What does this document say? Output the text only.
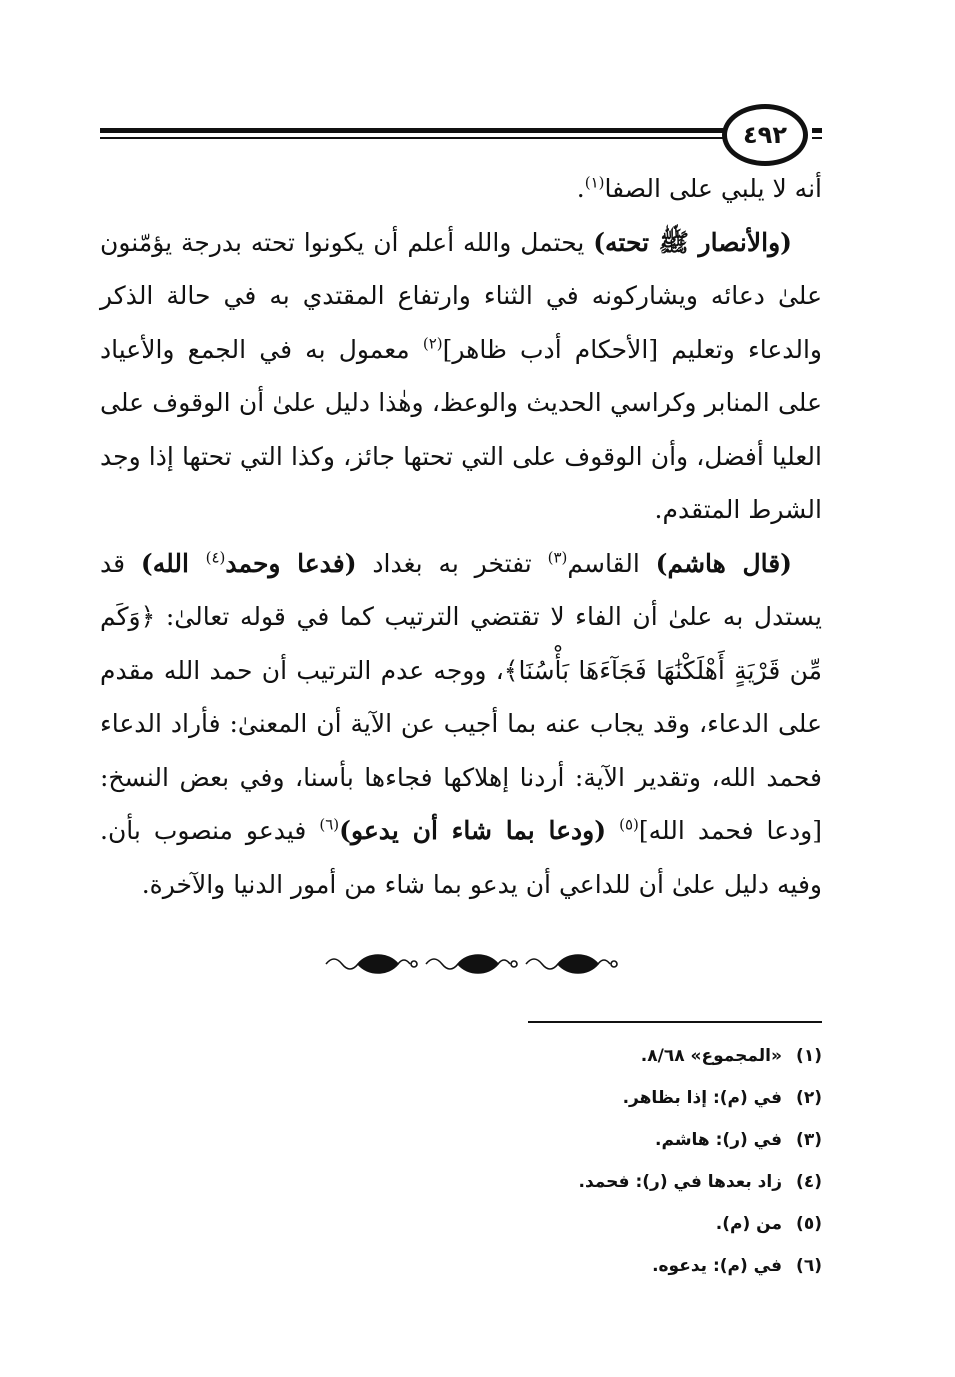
٤٩٢

أنه لا يلبي على الصفا$^{(١)}$.

(والأنصار ﷺ تحته) يحتمل والله أعلم أن يكونوا تحته بدرجة يؤمّنون علىٰ دعائه ويشاركونه في الثناء وارتفاع المقتدي به في حالة الذكر والدعاء وتعليم [الأحكام أدب ظاهر]$^{(٢)}$ معمول به في الجمع والأعياد على المنابر وكراسي الحديث والوعظ، وهٰذا دليل علىٰ أن الوقوف على العليا أفضل، وأن الوقوف على التي تحتها جائز، وكذا التي تحتها إذا وجد الشرط المتقدم.

(قال هاشم) القاسم$^{(٣)}$ تفتخر به بغداد (فدعا وحمد$^{(٤)}$ الله) قد يستدل به علىٰ أن الفاء لا تقتضي الترتيب كما في قوله تعالىٰ: ﴿وَكَم مِّن قَرْيَةٍ أَهْلَكْنَٰهَا فَجَآءَهَا بَأْسُنَا﴾، ووجه عدم الترتيب أن حمد الله مقدم على الدعاء، وقد يجاب عنه بما أجيب عن الآية أن المعنىٰ: فأراد الدعاء فحمد الله، وتقدير الآية: أردنا إهلاكها فجاءها بأسنا، وفي بعض النسخ: [ودعا فحمد الله]$^{(٥)}$ (ودعا بما شاء أن يدعو)$^{(٦)}$ فيدعو منصوب بأن. وفيه دليل علىٰ أن للداعي أن يدعو بما شاء من أمور الدنيا والآخرة.

(١)
«المجموع» ٨/٦٨.
(٢)
في (م): إذا بظاهر.
(٣)
في (ر): هاشم.
(٤)
زاد بعدها في (ر): فحمد.
(٥)
من (م).
(٦)
في (م): يدعوه.
